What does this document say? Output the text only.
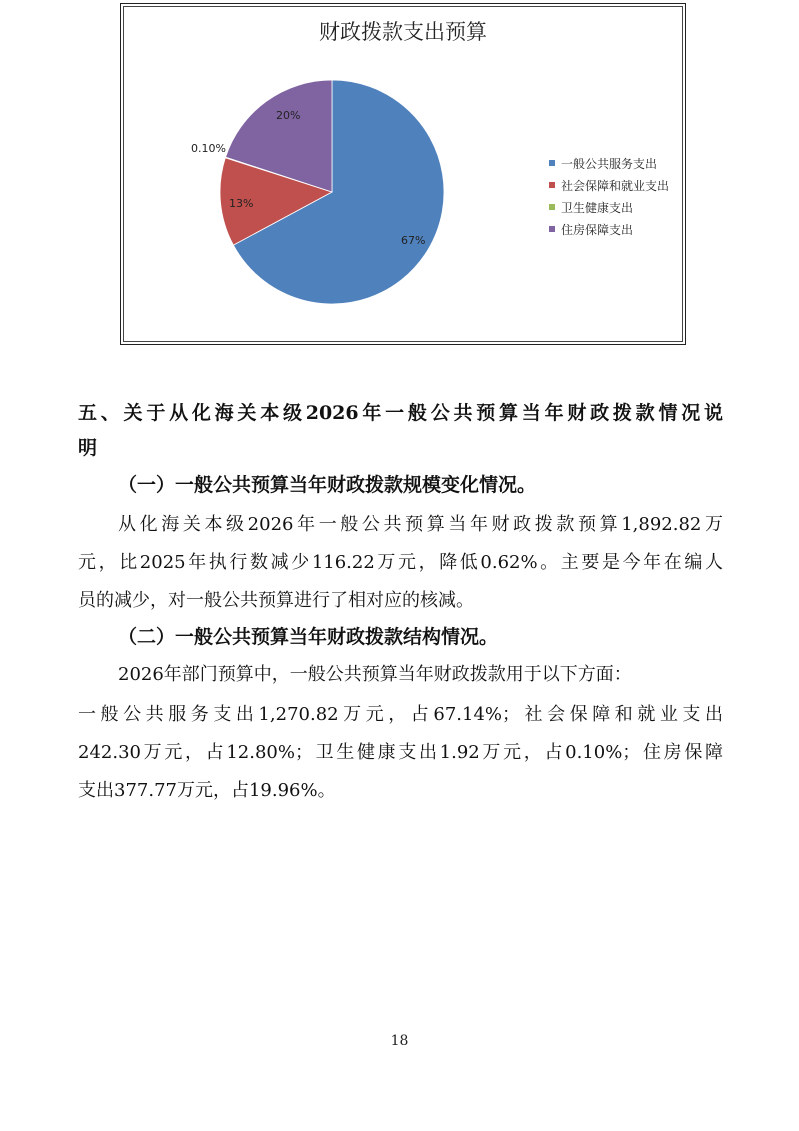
财政拨款支出预算
67%
13%
0.10%
20%
一般公共服务支出
社会保障和就业支出
卫生健康支出
住房保障支出
五、关于从化海关本级2026年一般公共预算当年财政拨款情况说
明
（一）一般公共预算当年财政拨款规模变化情况。
从化海关本级2026年一般公共预算当年财政拨款预算1,892.82万
元，比2025年执行数减少116.22万元，降低0.62%。主要是今年在编人
员的减少，对一般公共预算进行了相对应的核减。
（二）一般公共预算当年财政拨款结构情况。
2026年部门预算中，一般公共预算当年财政拨款用于以下方面：
一般公共服务支出1,270.82万元，占67.14%；社会保障和就业支出
242.30万元，占12.80%；卫生健康支出1.92万元，占0.10%；住房保障
支出377.77万元，占19.96%。
18
